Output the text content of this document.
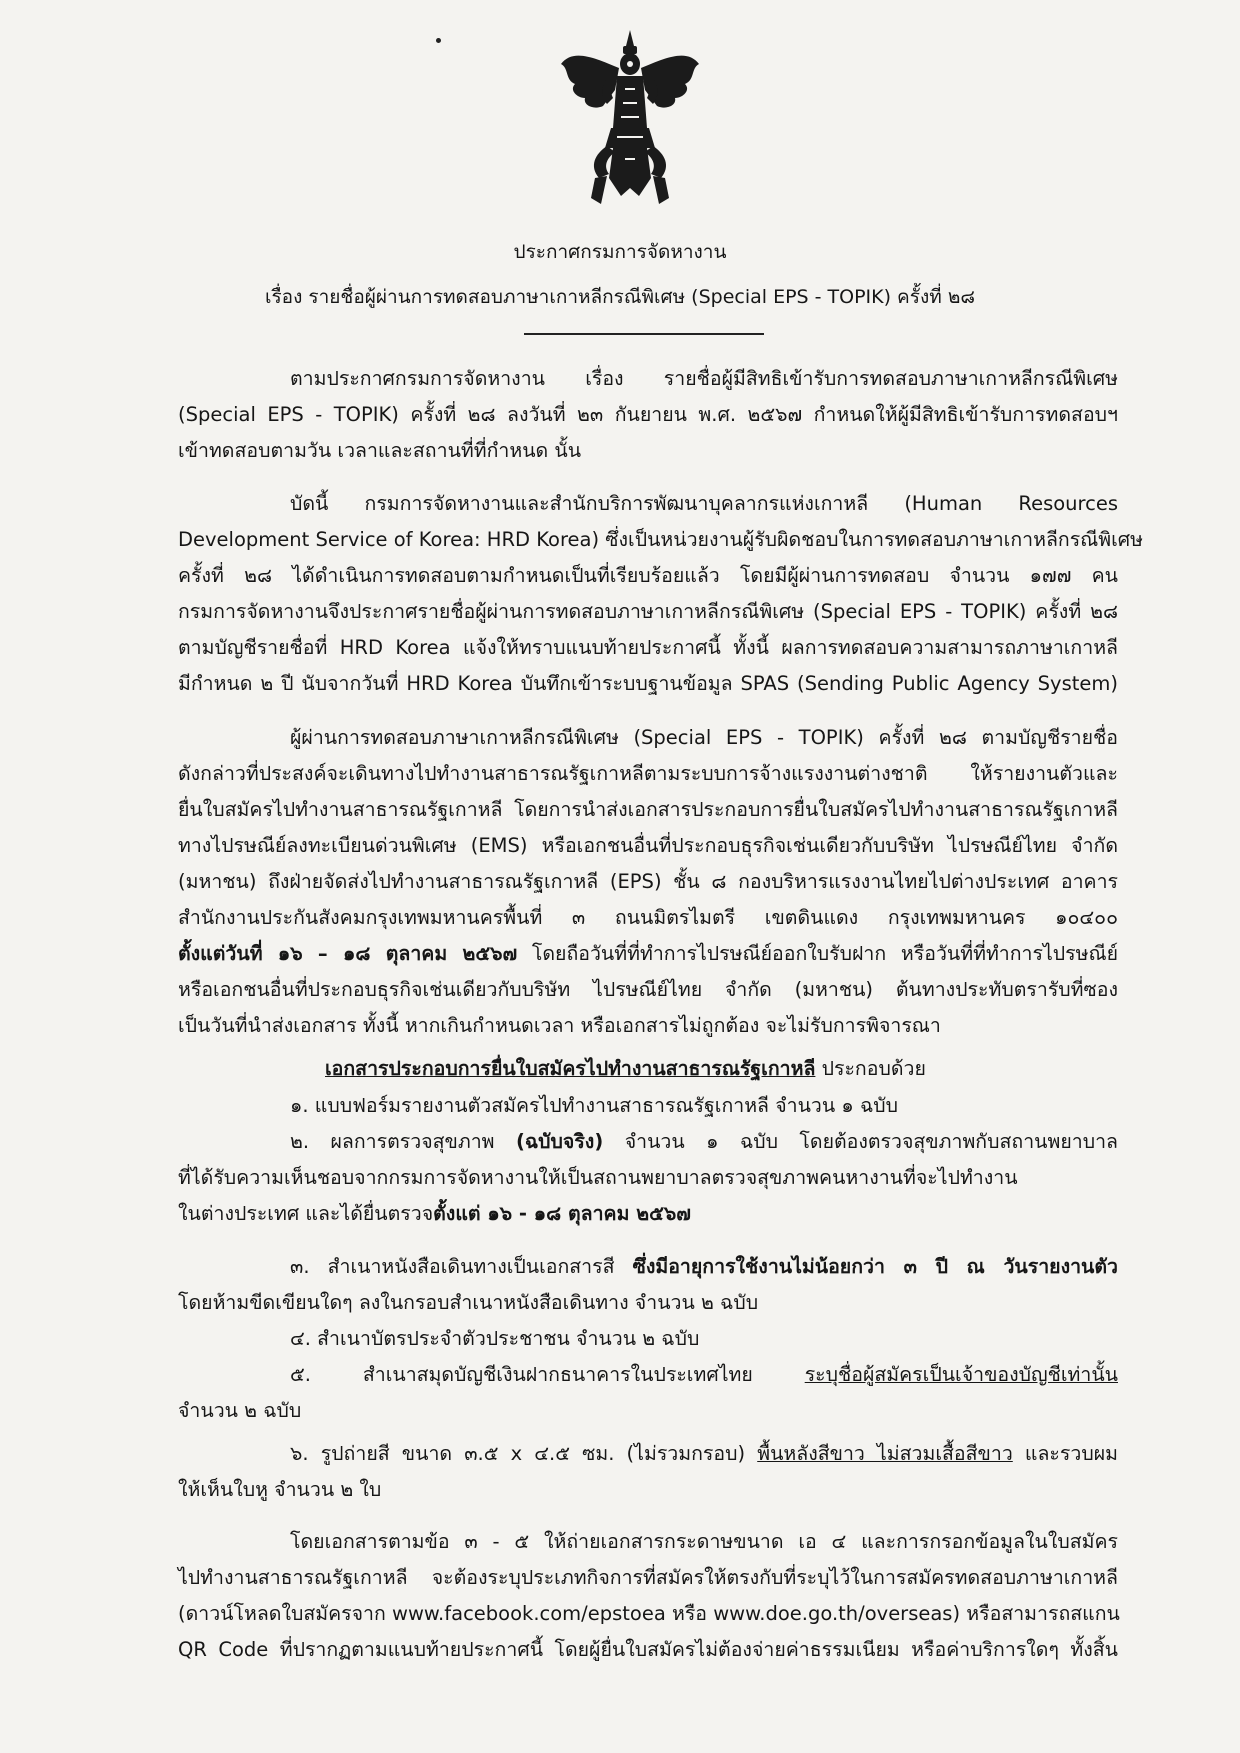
ประกาศกรมการจัดหางาน
เรื่อง รายชื่อผู้ผ่านการทดสอบภาษาเกาหลีกรณีพิเศษ (Special EPS - TOPIK) ครั้งที่ ๒๘
ตามประกาศกรมการจัดหางาน เรื่อง รายชื่อผู้มีสิทธิเข้ารับการทดสอบภาษาเกาหลีกรณีพิเศษ
(Special EPS - TOPIK) ครั้งที่ ๒๘ ลงวันที่ ๒๓ กันยายน พ.ศ. ๒๕๖๗ กำหนดให้ผู้มีสิทธิเข้ารับการทดสอบฯ
เข้าทดสอบตามวัน เวลาและสถานที่ที่กำหนด นั้น
บัดนี้ กรมการจัดหางานและสำนักบริการพัฒนาบุคลากรแห่งเกาหลี (Human Resources
Development Service of Korea: HRD Korea) ซึ่งเป็นหน่วยงานผู้รับผิดชอบในการทดสอบภาษาเกาหลีกรณีพิเศษ
ครั้งที่ ๒๘ ได้ดำเนินการทดสอบตามกำหนดเป็นที่เรียบร้อยแล้ว โดยมีผู้ผ่านการทดสอบ จำนวน ๑๗๗ คน
กรมการจัดหางานจึงประกาศรายชื่อผู้ผ่านการทดสอบภาษาเกาหลีกรณีพิเศษ (Special EPS - TOPIK) ครั้งที่ ๒๘
ตามบัญชีรายชื่อที่ HRD Korea แจ้งให้ทราบแนบท้ายประกาศนี้ ทั้งนี้ ผลการทดสอบความสามารถภาษาเกาหลี
มีกำหนด ๒ ปี นับจากวันที่ HRD Korea บันทึกเข้าระบบฐานข้อมูล SPAS (Sending Public Agency System)
ผู้ผ่านการทดสอบภาษาเกาหลีกรณีพิเศษ (Special EPS - TOPIK) ครั้งที่ ๒๘ ตามบัญชีรายชื่อ
ดังกล่าวที่ประสงค์จะเดินทางไปทำงานสาธารณรัฐเกาหลีตามระบบการจ้างแรงงานต่างชาติ ให้รายงานตัวและ
ยื่นใบสมัครไปทำงานสาธารณรัฐเกาหลี โดยการนำส่งเอกสารประกอบการยื่นใบสมัครไปทำงานสาธารณรัฐเกาหลี
ทางไปรษณีย์ลงทะเบียนด่วนพิเศษ (EMS) หรือเอกชนอื่นที่ประกอบธุรกิจเช่นเดียวกับบริษัท ไปรษณีย์ไทย จำกัด
(มหาชน) ถึงฝ่ายจัดส่งไปทำงานสาธารณรัฐเกาหลี (EPS) ชั้น ๘ กองบริหารแรงงานไทยไปต่างประเทศ อาคาร
สำนักงานประกันสังคมกรุงเทพมหานครพื้นที่ ๓ ถนนมิตรไมตรี เขตดินแดง กรุงเทพมหานคร ๑๐๔๐๐
ตั้งแต่วันที่ ๑๖ – ๑๘ ตุลาคม ๒๕๖๗ โดยถือวันที่ที่ทำการไปรษณีย์ออกใบรับฝาก หรือวันที่ที่ทำการไปรษณีย์
หรือเอกชนอื่นที่ประกอบธุรกิจเช่นเดียวกับบริษัท ไปรษณีย์ไทย จำกัด (มหาชน) ต้นทางประทับตรารับที่ซอง
เป็นวันที่นำส่งเอกสาร ทั้งนี้ หากเกินกำหนดเวลา หรือเอกสารไม่ถูกต้อง จะไม่รับการพิจารณา
เอกสารประกอบการยื่นใบสมัครไปทำงานสาธารณรัฐเกาหลี ประกอบด้วย
๑. แบบฟอร์มรายงานตัวสมัครไปทำงานสาธารณรัฐเกาหลี จำนวน ๑ ฉบับ
๒. ผลการตรวจสุขภาพ (ฉบับจริง) จำนวน ๑ ฉบับ โดยต้องตรวจสุขภาพกับสถานพยาบาล
ที่ได้รับความเห็นชอบจากกรมการจัดหางานให้เป็นสถานพยาบาลตรวจสุขภาพคนหางานที่จะไปทำงาน
ในต่างประเทศ และได้ยื่นตรวจตั้งแต่ ๑๖ - ๑๘ ตุลาคม ๒๕๖๗
๓. สำเนาหนังสือเดินทางเป็นเอกสารสี ซึ่งมีอายุการใช้งานไม่น้อยกว่า ๓ ปี ณ วันรายงานตัว
โดยห้ามขีดเขียนใดๆ ลงในกรอบสำเนาหนังสือเดินทาง จำนวน ๒ ฉบับ
๔. สำเนาบัตรประจำตัวประชาชน จำนวน ๒ ฉบับ
๕. สำเนาสมุดบัญชีเงินฝากธนาคารในประเทศไทย ระบุชื่อผู้สมัครเป็นเจ้าของบัญชีเท่านั้น
จำนวน ๒ ฉบับ
๖. รูปถ่ายสี ขนาด ๓.๕ x ๔.๕ ซม. (ไม่รวมกรอบ) พื้นหลังสีขาว ไม่สวมเสื้อสีขาว และรวบผม
ให้เห็นใบหู จำนวน ๒ ใบ
โดยเอกสารตามข้อ ๓ - ๕ ให้ถ่ายเอกสารกระดาษขนาด เอ ๔ และการกรอกข้อมูลในใบสมัคร
ไปทำงานสาธารณรัฐเกาหลี จะต้องระบุประเภทกิจการที่สมัครให้ตรงกับที่ระบุไว้ในการสมัครทดสอบภาษาเกาหลี
(ดาวน์โหลดใบสมัครจาก www.facebook.com/epstoea หรือ www.doe.go.th/overseas) หรือสามารถสแกน
QR Code ที่ปรากฏตามแนบท้ายประกาศนี้ โดยผู้ยื่นใบสมัครไม่ต้องจ่ายค่าธรรมเนียม หรือค่าบริการใดๆ ทั้งสิ้น
